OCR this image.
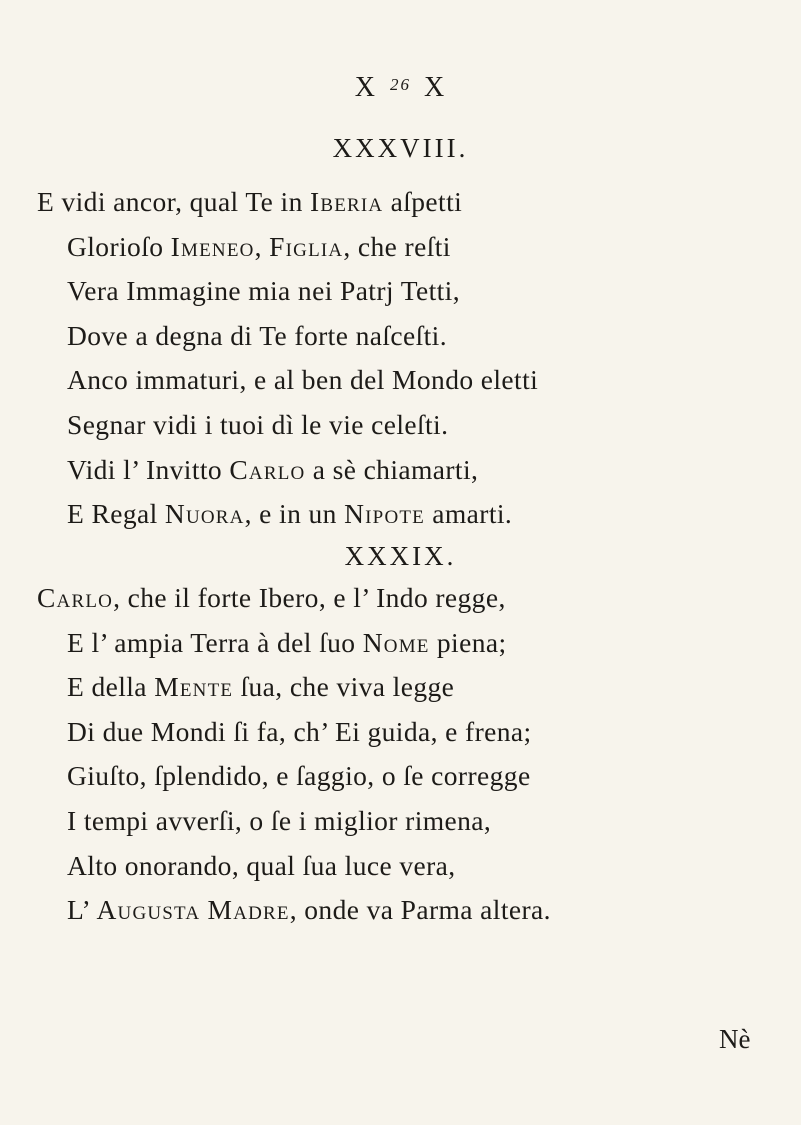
X $^{26}$ X
XXXVIII.
E vidi ancor, qual Te in Iberia aſpetti
Glorioſo Imeneo, Figlia, che reſti
Vera Immagine mia nei Patrj Tetti,
Dove a degna di Te forte naſceſti.
Anco immaturi, e al ben del Mondo eletti
Segnar vidi i tuoi dì le vie celeſti.
Vidi l’ Invitto Carlo a sè chiamarti,
E Regal Nuora, e in un Nipote amarti.
XXXIX.
Carlo, che il forte Ibero, e l’ Indo regge,
E l’ ampia Terra à del ſuo Nome piena;
E della Mente ſua, che viva legge
Di due Mondi ſi fa, ch’ Ei guida, e frena;
Giuſto, ſplendido, e ſaggio, o ſe corregge
I tempi avverſi, o ſe i miglior rimena,
Alto onorando, qual ſua luce vera,
L’ Augusta Madre, onde va Parma altera.
Nè
